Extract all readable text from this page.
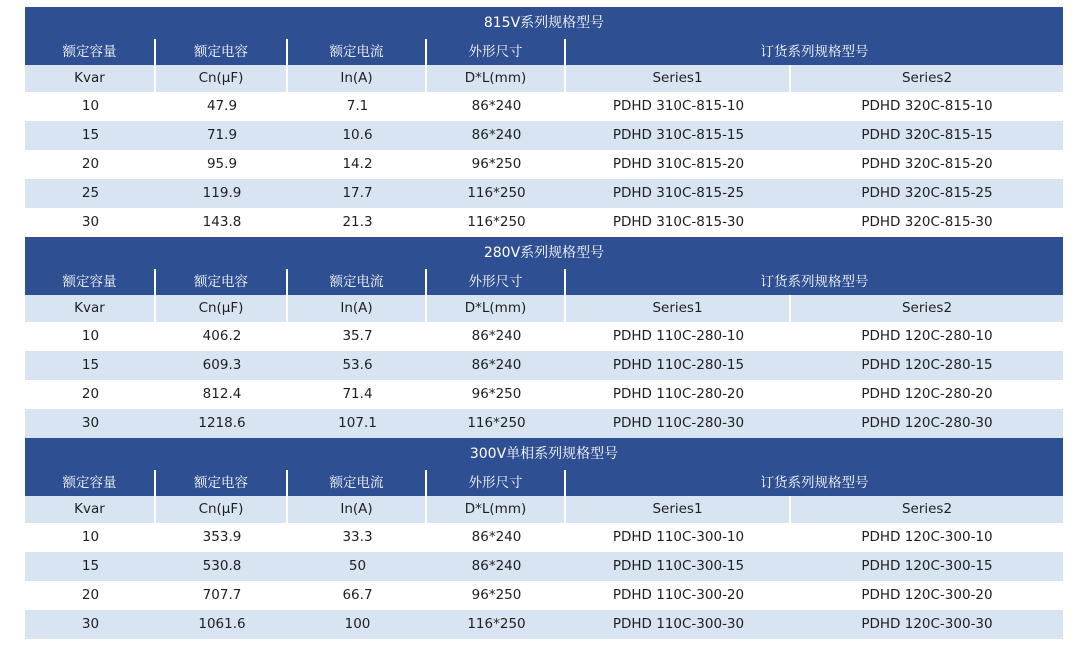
815V系列规格型号
额定容量	额定电容	额定电流	外形尺寸	订货系列规格型号
Kvar	Cn(μF)	In(A)	D*L(mm)	Series1	Series2
10	47.9	7.1	86*240	PDHD 310C-815-10	PDHD 320C-815-10
15	71.9	10.6	86*240	PDHD 310C-815-15	PDHD 320C-815-15
20	95.9	14.2	96*250	PDHD 310C-815-20	PDHD 320C-815-20
25	119.9	17.7	116*250	PDHD 310C-815-25	PDHD 320C-815-25
30	143.8	21.3	116*250	PDHD 310C-815-30	PDHD 320C-815-30
280V系列规格型号
额定容量	额定电容	额定电流	外形尺寸	订货系列规格型号
Kvar	Cn(μF)	In(A)	D*L(mm)	Series1	Series2
10	406.2	35.7	86*240	PDHD 110C-280-10	PDHD 120C-280-10
15	609.3	53.6	86*240	PDHD 110C-280-15	PDHD 120C-280-15
20	812.4	71.4	96*250	PDHD 110C-280-20	PDHD 120C-280-20
30	1218.6	107.1	116*250	PDHD 110C-280-30	PDHD 120C-280-30
300V单相系列规格型号
额定容量	额定电容	额定电流	外形尺寸	订货系列规格型号
Kvar	Cn(μF)	In(A)	D*L(mm)	Series1	Series2
10	353.9	33.3	86*240	PDHD 110C-300-10	PDHD 120C-300-10
15	530.8	50	86*240	PDHD 110C-300-15	PDHD 120C-300-15
20	707.7	66.7	96*250	PDHD 110C-300-20	PDHD 120C-300-20
30	1061.6	100	116*250	PDHD 110C-300-30	PDHD 120C-300-30
